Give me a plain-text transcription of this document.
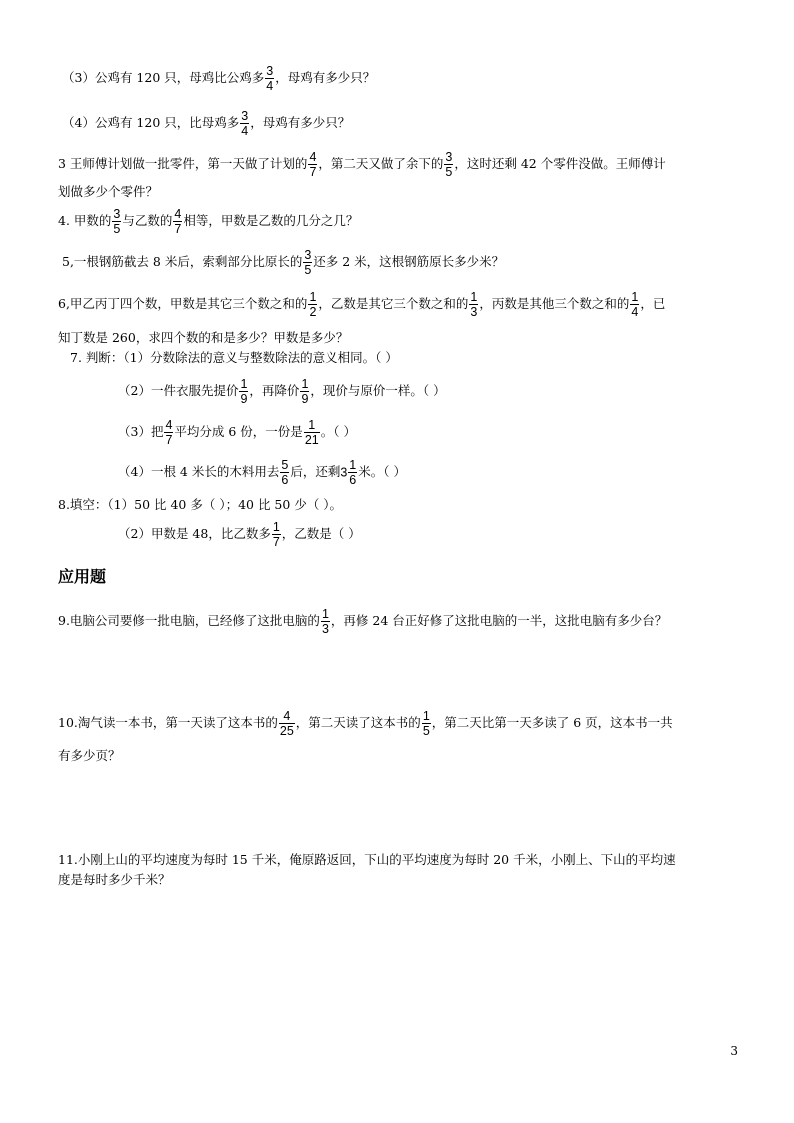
（3）公鸡有 120 只，母鸡比公鸡多 $\frac{3}{4}$ ，母鸡有多少只？
（4）公鸡有 120 只，比母鸡多 $\frac{3}{4}$ ，母鸡有多少只？
3 王师傅计划做一批零件，第一天做了计划的 $\frac{4}{7}$ ，第二天又做了余下的 $\frac{3}{5}$ ，这时还剩 42 个零件没做。王师傅计
划做多少个零件？
4. 甲数的 $\frac{3}{5}$ 与乙数的 $\frac{4}{7}$ 相等，甲数是乙数的几分之几？
5,一根钢筋截去 8 米后，索剩部分比原长的 $\frac{3}{5}$ 还多 2 米，这根钢筋原长多少米？
6,甲乙丙丁四个数，甲数是其它三个数之和的 $\frac{1}{2}$ ，乙数是其它三个数之和的 $\frac{1}{3}$ ，丙数是其他三个数之和的 $\frac{1}{4}$ ，已
知丁数是 260，求四个数的和是多少？甲数是多少？
7. 判断：（1）分数除法的意义与整数除法的意义相同。（ ）
（2）一件衣服先提价 $\frac{1}{9}$ ，再降价 $\frac{1}{9}$ ，现价与原价一样。（ ）
（3）把 $\frac{4}{7}$ 平均分成 6 份，一份是 $\frac{1}{21}$ 。（ ）
（4）一根 4 米长的木料用去 $\frac{5}{6}$ 后，还剩$3 \frac{1}{6}$ 米。（ ）
8.填空：（1）50 比 40 多（ ）；40 比 50 少（ ）。
（2）甲数是 48，比乙数多 $\frac{1}{7}$ ，乙数是（ ）
应用题
9.电脑公司要修一批电脑，已经修了这批电脑的 $\frac{1}{3}$ ，再修 24 台正好修了这批电脑的一半，这批电脑有多少台？
10.淘气读一本书，第一天读了这本书的 $\frac{4}{25}$ ，第二天读了这本书的 $\frac{1}{5}$ ，第二天比第一天多读了 6 页，这本书一共
有多少页？
11.小刚上山的平均速度为每时 15 千米，俺原路返回，下山的平均速度为每时 20 千米，小刚上、下山的平均速
度是每时多少千米？
3
